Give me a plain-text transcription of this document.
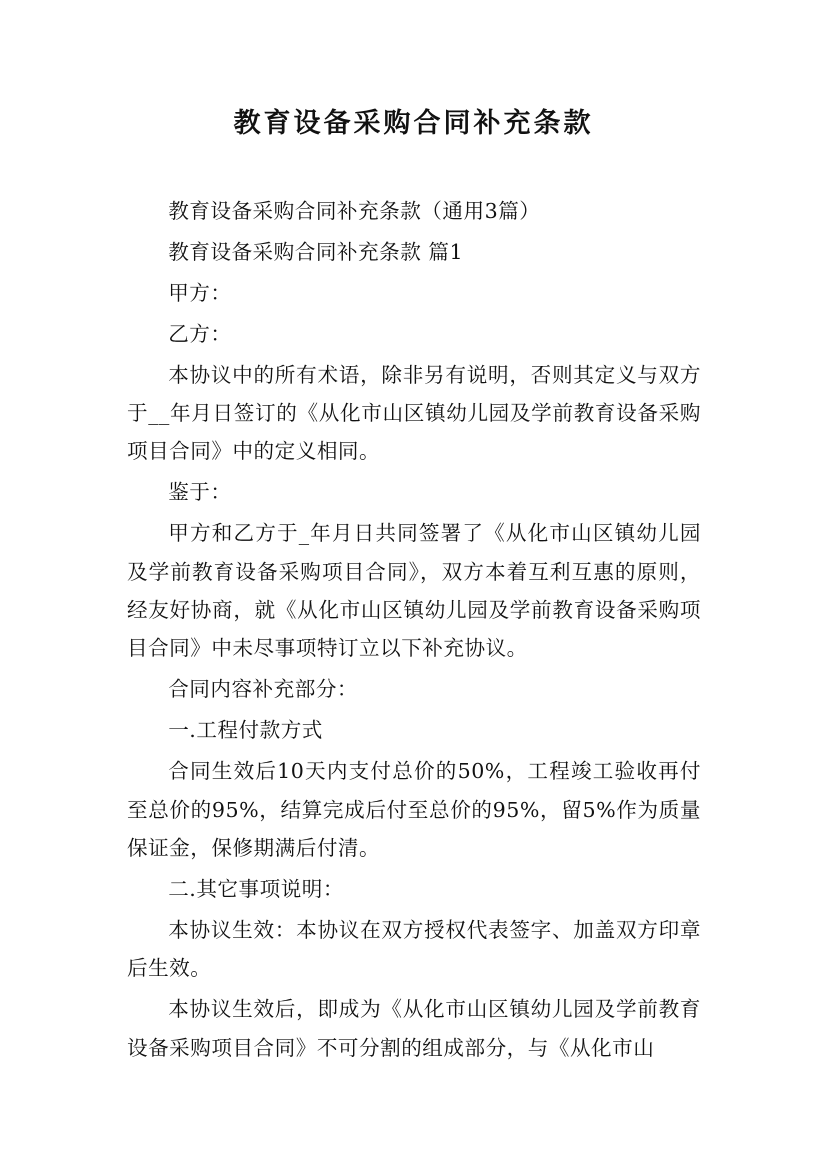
教育设备采购合同补充条款

教育设备采购合同补充条款（通用3篇）

教育设备采购合同补充条款 篇1

甲方：

乙方：

本协议中的所有术语，除非另有说明，否则其定义与双方于__年月日签订的《从化市山区镇幼儿园及学前教育设备采购项目合同》中的定义相同。

鉴于：

甲方和乙方于_年月日共同签署了《从化市山区镇幼儿园及学前教育设备采购项目合同》，双方本着互利互惠的原则，经友好协商，就《从化市山区镇幼儿园及学前教育设备采购项目合同》中未尽事项特订立以下补充协议。

合同内容补充部分：

一.工程付款方式

合同生效后10天内支付总价的50%，工程竣工验收再付至总价的95%，结算完成后付至总价的95%，留5%作为质量保证金，保修期满后付清。

二.其它事项说明：

本协议生效：本协议在双方授权代表签字、加盖双方印章后生效。

本协议生效后，即成为《从化市山区镇幼儿园及学前教育设备采购项目合同》不可分割的组成部分，与《从化市山
